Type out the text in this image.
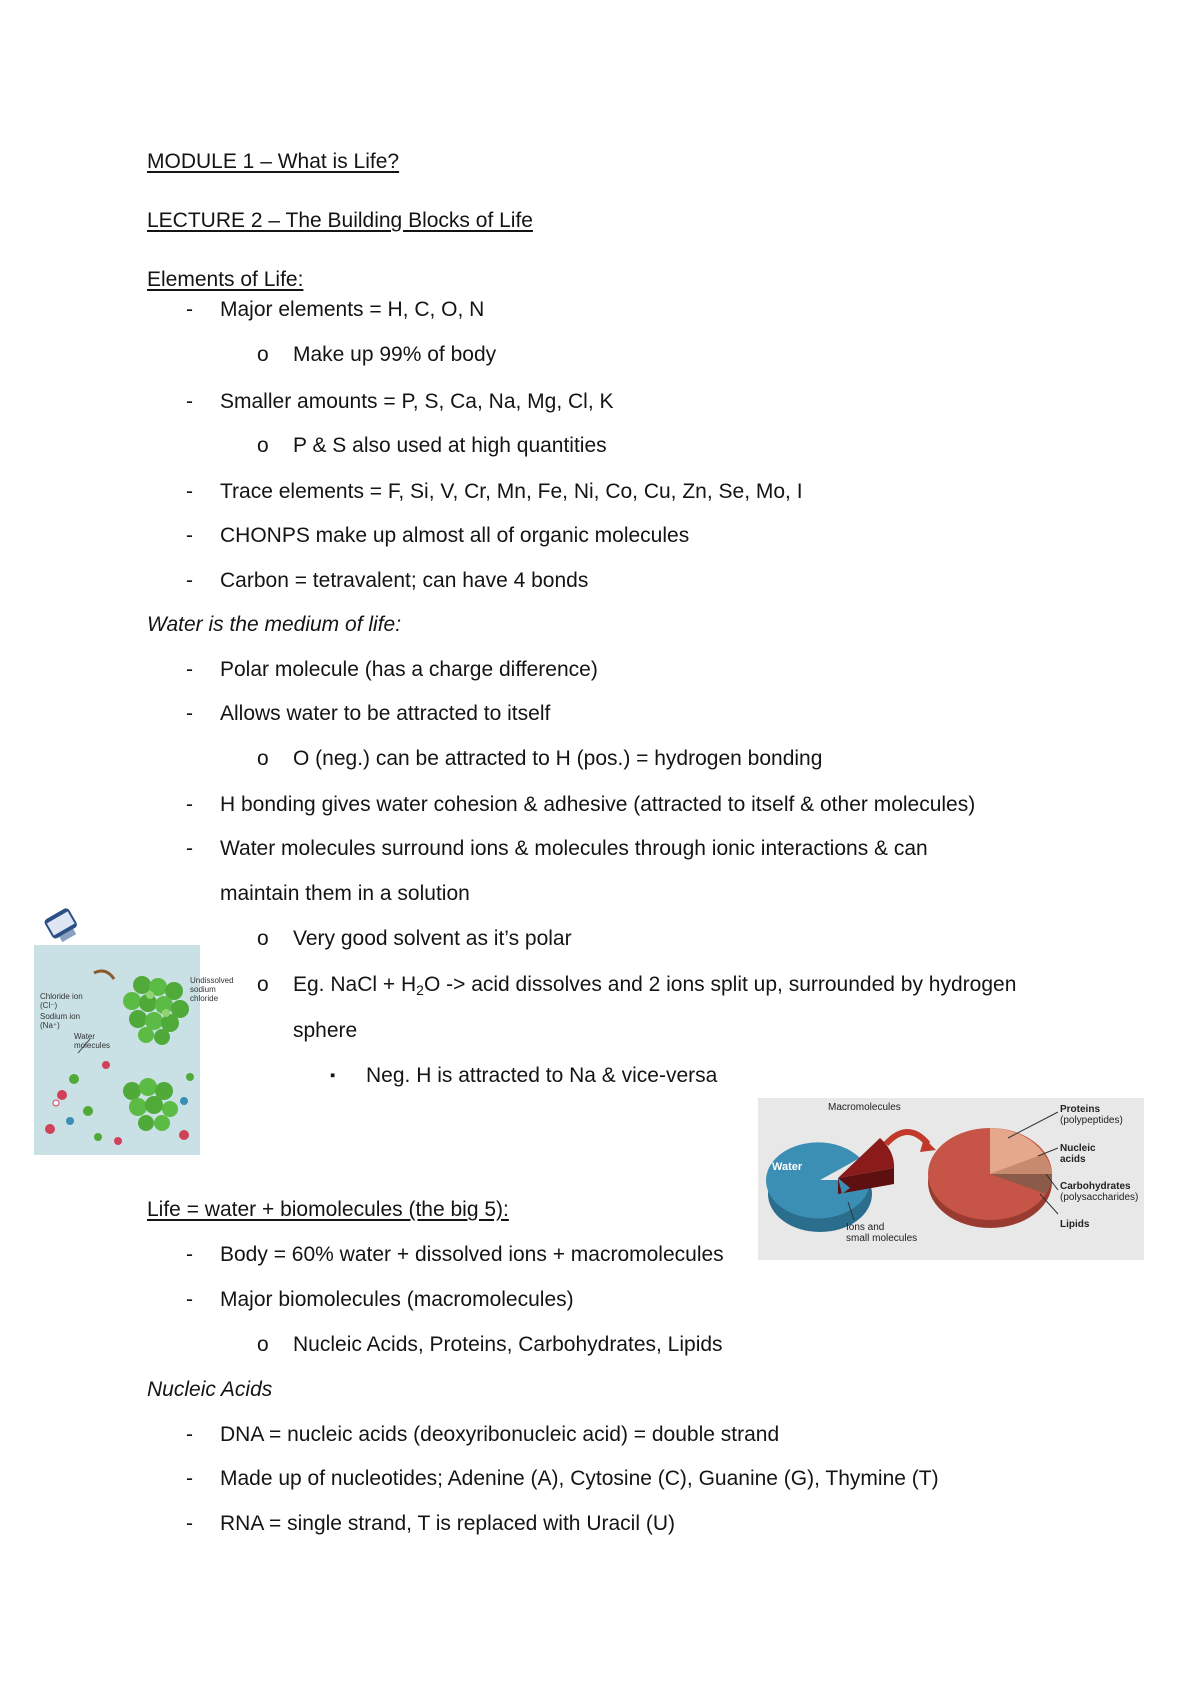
MODULE 1 – What is Life?
LECTURE 2 – The Building Blocks of Life
Elements of Life:
- Major elements = H, C, O, N
o Make up 99% of body
- Smaller amounts = P, S, Ca, Na, Mg, Cl, K
o P & S also used at high quantities
- Trace elements = F, Si, V, Cr, Mn, Fe, Ni, Co, Cu, Zn, Se, Mo, I
- CHONPS make up almost all of organic molecules
- Carbon = tetravalent; can have 4 bonds
Water is the medium of life:
- Polar molecule (has a charge difference)
- Allows water to be attracted to itself
o O (neg.) can be attracted to H (pos.) = hydrogen bonding
- H bonding gives water cohesion & adhesive (attracted to itself & other molecules)
- Water molecules surround ions & molecules through ionic interactions & can
maintain them in a solution
o Very good solvent as it’s polar
o Eg. NaCl + $H_2O$ -> acid dissolves and 2 ions split up, surrounded by hydrogen
sphere
▪ Neg. H is attracted to Na & vice-versa
Life = water + biomolecules (the big 5):
- Body = 60% water + dissolved ions + macromolecules
- Major biomolecules (macromolecules)
o Nucleic Acids, Proteins, Carbohydrates, Lipids
Nucleic Acids
- DNA = nucleic acids (deoxyribonucleic acid) = double strand
- Made up of nucleotides; Adenine (A), Cytosine (C), Guanine (G), Thymine (T)
- RNA = single strand, T is replaced with Uracil (U)
Chloride ion
(Cl⁻)
Sodium ion
(Na⁺)
Water
molecules
Undissolved
sodium
chloride
Water
Macromolecules	Proteins
(polypeptides)
Nucleic
acids
Carbohydrates
(polysaccharides)
Lipids
Ions and
small molecules
